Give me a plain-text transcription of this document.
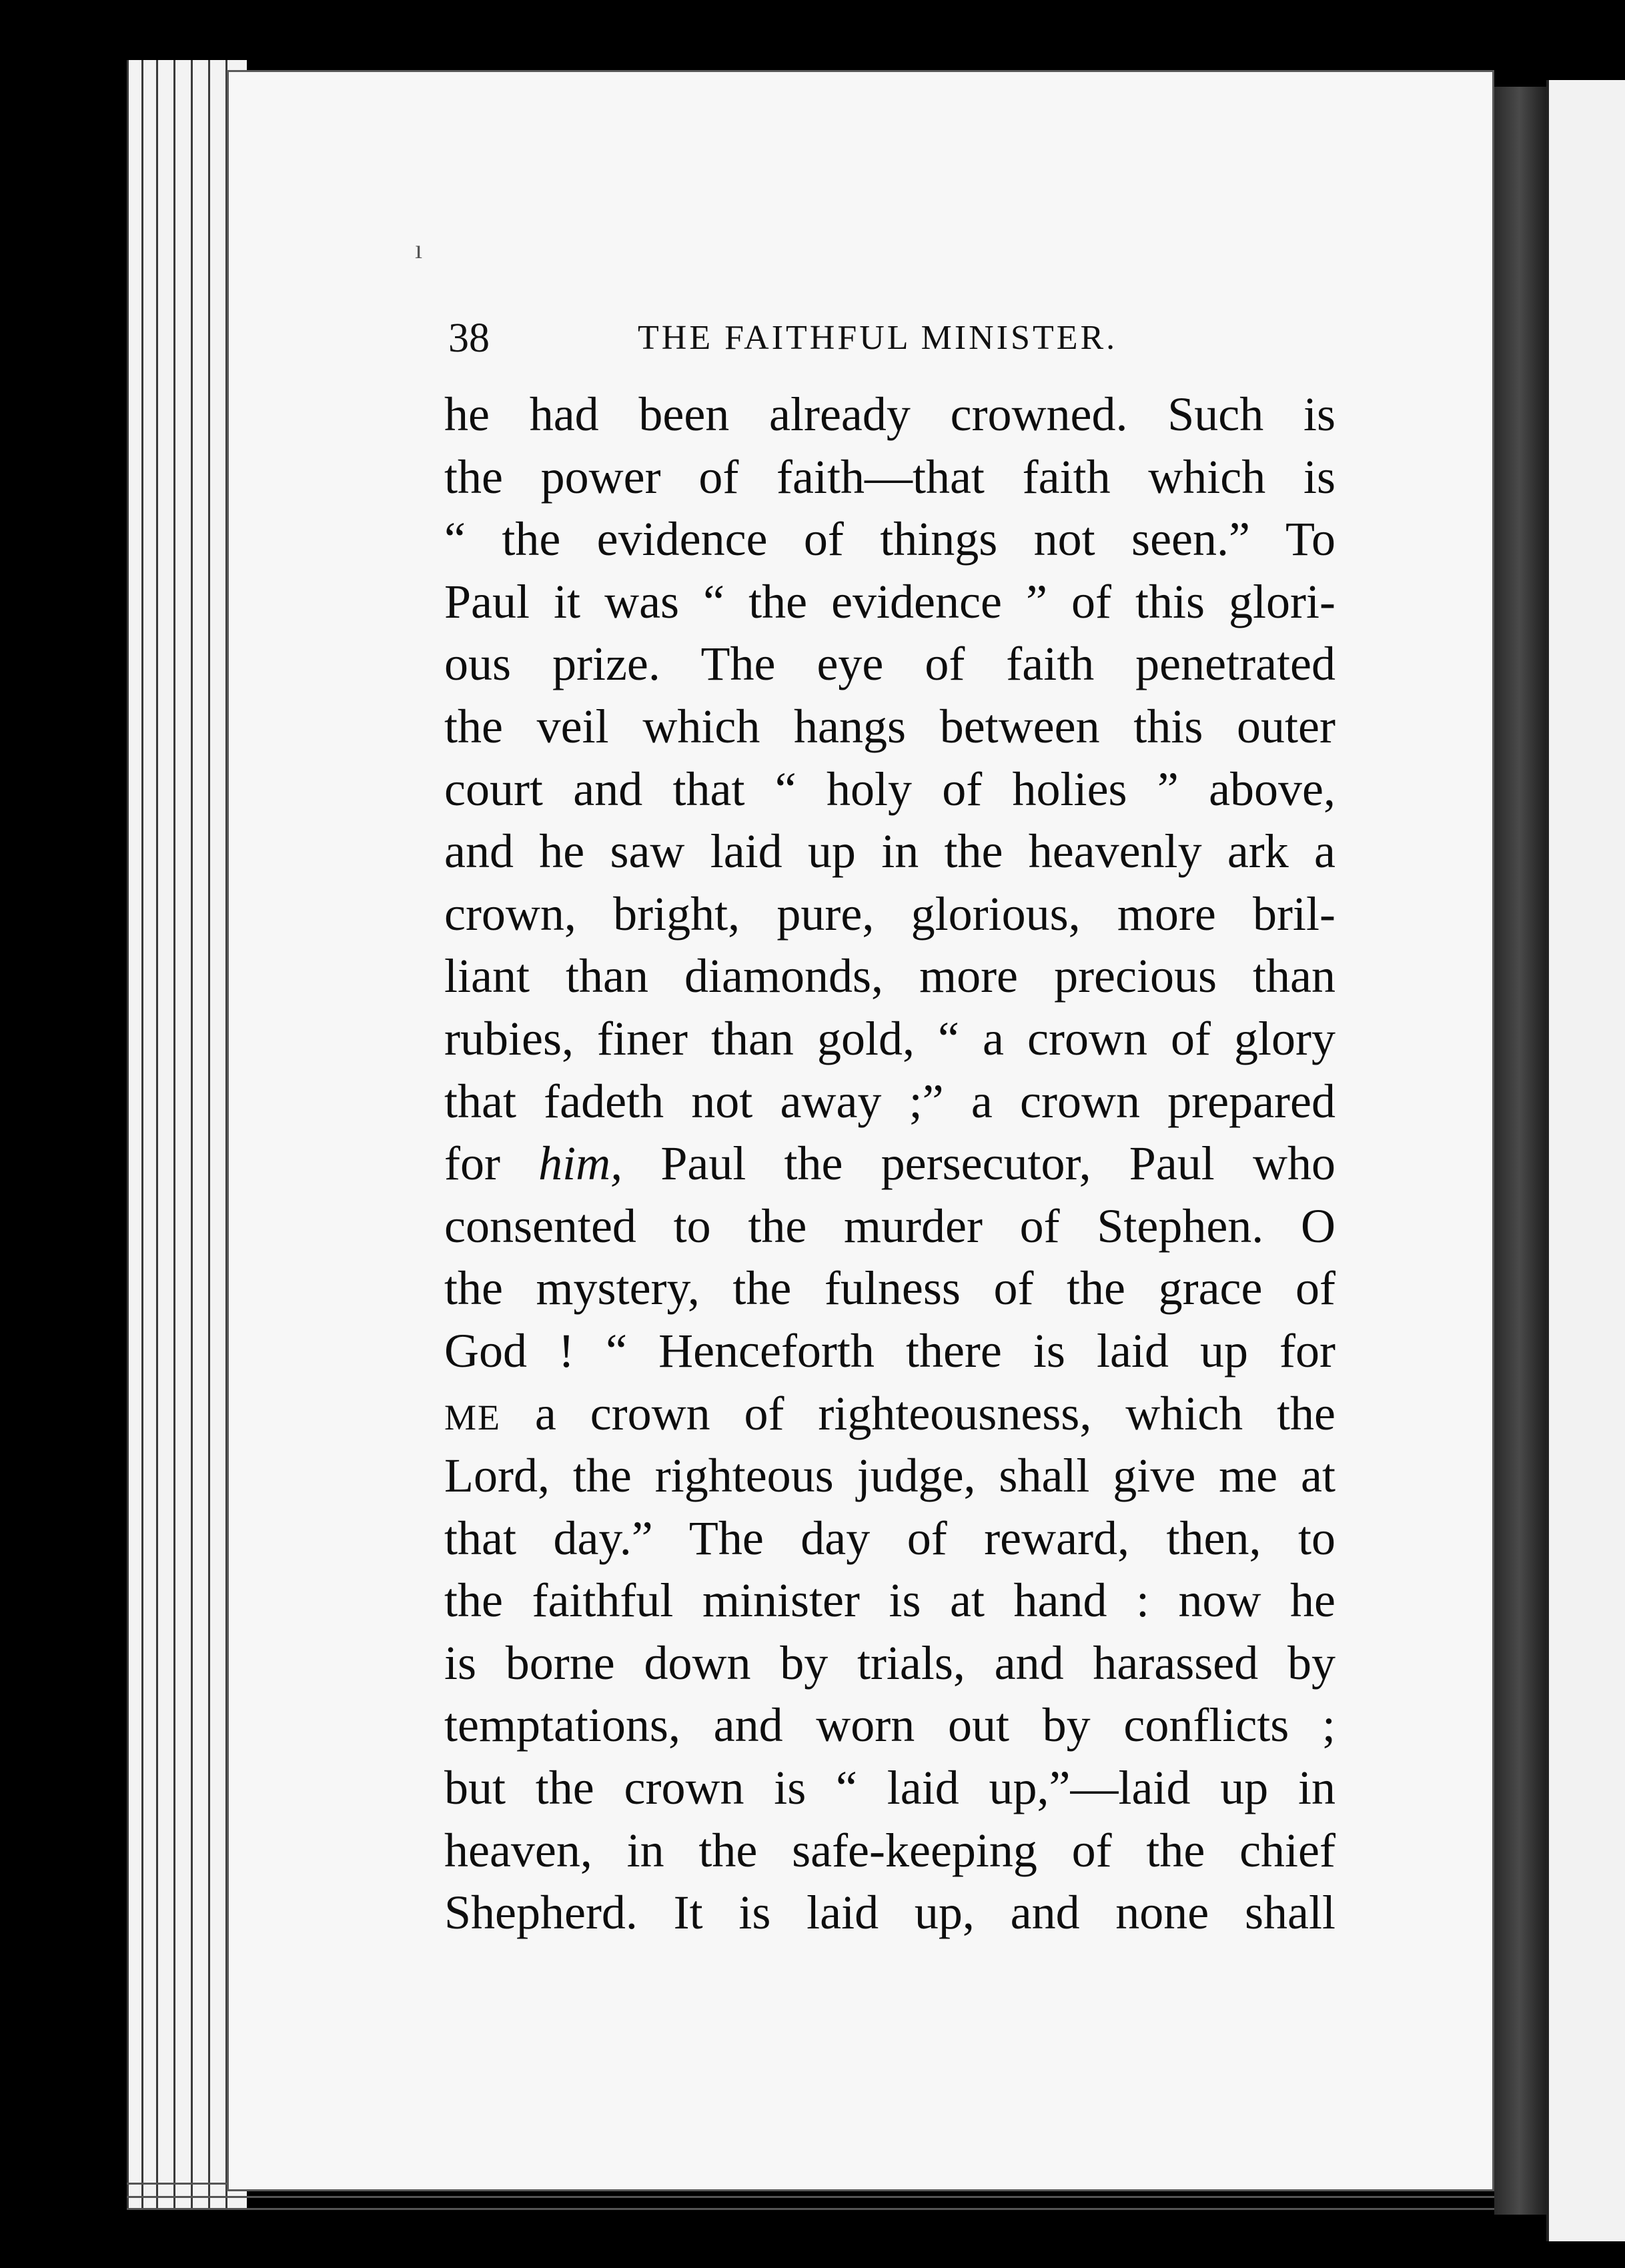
ı
38	THE FAITHFUL MINISTER.
he had been already crowned. Such is
the power of faith—that faith which is
“ the evidence of things not seen.” To
Paul it was “ the evidence ” of this glori-
ous prize. The eye of faith penetrated
the veil which hangs between this outer
court and that “ holy of holies ” above,
and he saw laid up in the heavenly ark a
crown, bright, pure, glorious, more bril-
liant than diamonds, more precious than
rubies, finer than gold, “ a crown of glory
that fadeth not away ;” a crown prepared
for him, Paul the persecutor, Paul who
consented to the murder of Stephen. O
the mystery, the fulness of the grace of
God ! “ Henceforth there is laid up for
ME a crown of righteousness, which the
Lord, the righteous judge, shall give me at
that day.” The day of reward, then, to
the faithful minister is at hand : now he
is borne down by trials, and harassed by
temptations, and worn out by conflicts ;
but the crown is “ laid up,”—laid up in
heaven, in the safe-keeping of the chief
Shepherd. It is laid up, and none shall
